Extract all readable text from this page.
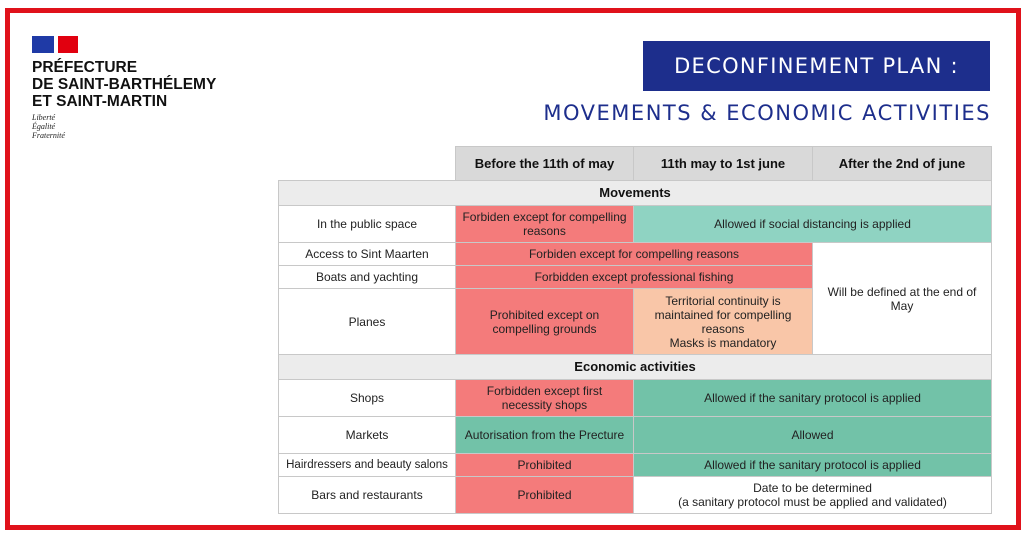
PRÉFECTURE
DE SAINT-BARTHÉLEMY
ET SAINT-MARTIN
Liberté
Égalité
Fraternité
DECONFINEMENT PLAN :
MOVEMENTS & ECONOMIC ACTIVITIES
	Before the 11th of may	11th may to 1st june	After the 2nd of june
Movements			
In the public space	Forbiden except for compelling reasons	Allowed if social distancing is applied	
Access to Sint Maarten	Forbiden except for compelling reasons		Will be defined at the end of May
Boats and yachting	Forbidden except professional fishing		
Planes	Prohibited except on compelling grounds	Territorial continuity is maintained for compelling reasons
Masks is mandatory	

Economic activities			
Shops	Forbidden except first necessity shops	Allowed if the sanitary protocol is applied	
Markets	Autorisation from the Precture	Allowed	
Hairdressers and beauty salons	Prohibited	Allowed if the sanitary protocol is applied	
Bars and restaurants	Prohibited	Date to be determined
(a sanitary protocol must be applied and validated)	
